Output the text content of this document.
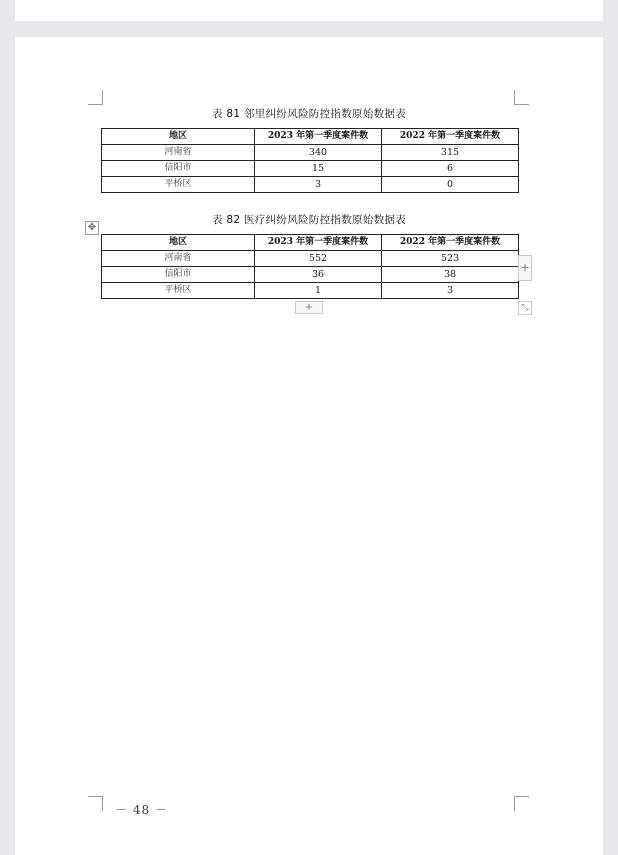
表 81 邻里纠纷风险防控指数原始数据表
地区	2023 年第一季度案件数	2022 年第一季度案件数
河南省	340	315
信阳市	15	6
平桥区	3	0
✥
表 82 医疗纠纷风险防控指数原始数据表
地区	2023 年第一季度案件数	2022 年第一季度案件数
河南省	552	523
信阳市	36	38
平桥区	1	3
+
+	⤡
－ 48 －
